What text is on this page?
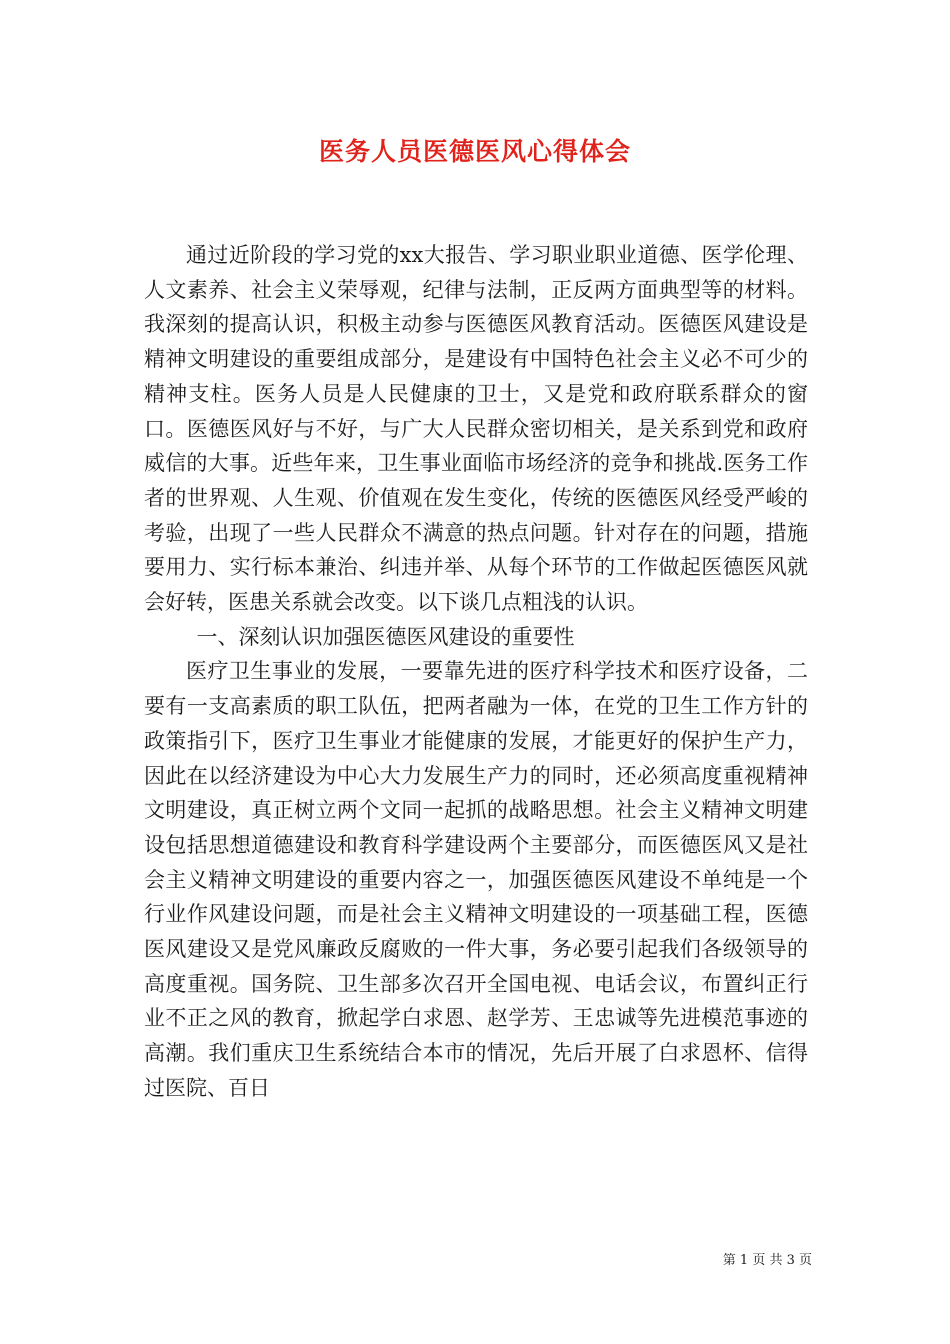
医务人员医德医风心得体会

通过近阶段的学习党的xx大报告、学习职业职业道德、医学伦理、人文素养、社会主义荣辱观，纪律与法制，正反两方面典型等的材料。我深刻的提高认识，积极主动参与医德医风教育活动。医德医风建设是精神文明建设的重要组成部分，是建设有中国特色社会主义必不可少的精神支柱。医务人员是人民健康的卫士，又是党和政府联系群众的窗口。医德医风好与不好，与广大人民群众密切相关，是关系到党和政府威信的大事。近些年来，卫生事业面临市场经济的竞争和挑战.医务工作者的世界观、人生观、价值观在发生变化，传统的医德医风经受严峻的考验，出现了一些人民群众不满意的热点问题。针对存在的问题，措施要用力、实行标本兼治、纠违并举、从每个环节的工作做起医德医风就会好转，医患关系就会改变。以下谈几点粗浅的认识。

一、深刻认识加强医德医风建设的重要性

医疗卫生事业的发展，一要靠先进的医疗科学技术和医疗设备，二要有一支高素质的职工队伍，把两者融为一体，在党的卫生工作方针的政策指引下，医疗卫生事业才能健康的发展，才能更好的保护生产力，因此在以经济建设为中心大力发展生产力的同时，还必须高度重视精神文明建设，真正树立两个文同一起抓的战略思想。社会主义精神文明建设包括思想道德建设和教育科学建设两个主要部分，而医德医风又是社会主义精神文明建设的重要内容之一，加强医德医风建设不单纯是一个行业作风建设问题，而是社会主义精神文明建设的一项基础工程，医德医风建设又是党风廉政反腐败的一件大事，务必要引起我们各级领导的高度重视。国务院、卫生部多次召开全国电视、电话会议，布置纠正行业不正之风的教育，掀起学白求恩、赵学芳、王忠诚等先进模范事迹的高潮。我们重庆卫生系统结合本市的情况，先后开展了白求恩杯、信得过医院、百日

第 1 页 共 3 页
